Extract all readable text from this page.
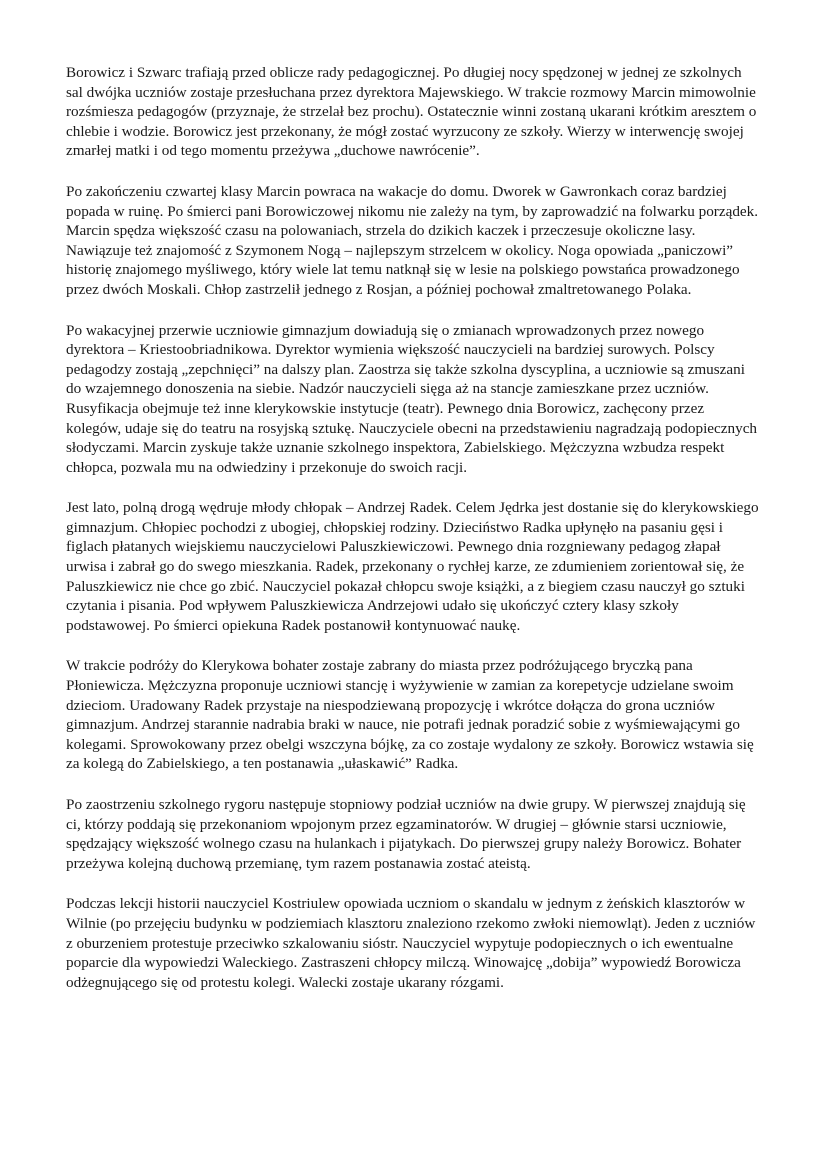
Borowicz i Szwarc trafiają przed oblicze rady pedagogicznej. Po długiej nocy spędzonej w jednej ze szkolnych sal dwójka uczniów zostaje przesłuchana przez dyrektora Majewskiego. W trakcie rozmowy Marcin mimowolnie rozśmiesza pedagogów (przyznaje, że strzelał bez prochu). Ostatecznie winni zostaną ukarani krótkim aresztem o chlebie i wodzie. Borowicz jest przekonany, że mógł zostać wyrzucony ze szkoły. Wierzy w interwencję swojej zmarłej matki i od tego momentu przeżywa „duchowe nawrócenie”.

Po zakończeniu czwartej klasy Marcin powraca na wakacje do domu. Dworek w Gawronkach coraz bardziej popada w ruinę. Po śmierci pani Borowiczowej nikomu nie zależy na tym, by zaprowadzić na folwarku porządek. Marcin spędza większość czasu na polowaniach, strzela do dzikich kaczek i przeczesuje okoliczne lasy. Nawiązuje też znajomość z Szymonem Nogą – najlepszym strzelcem w okolicy. Noga opowiada „paniczowi” historię znajomego myśliwego, który wiele lat temu natknął się w lesie na polskiego powstańca prowadzonego przez dwóch Moskali. Chłop zastrzelił jednego z Rosjan, a później pochował zmaltretowanego Polaka.

Po wakacyjnej przerwie uczniowie gimnazjum dowiadują się o zmianach wprowadzonych przez nowego dyrektora – Kriestoobriadnikowa. Dyrektor wymienia większość nauczycieli na bardziej surowych. Polscy pedagodzy zostają „zepchnięci” na dalszy plan. Zaostrza się także szkolna dyscyplina, a uczniowie są zmuszani do wzajemnego donoszenia na siebie. Nadzór nauczycieli sięga aż na stancje zamieszkane przez uczniów. Rusyfikacja obejmuje też inne klerykowskie instytucje (teatr). Pewnego dnia Borowicz, zachęcony przez kolegów, udaje się do teatru na rosyjską sztukę. Nauczyciele obecni na przedstawieniu nagradzają podopiecznych słodyczami. Marcin zyskuje także uznanie szkolnego inspektora, Zabielskiego. Mężczyzna wzbudza respekt chłopca, pozwala mu na odwiedziny i przekonuje do swoich racji.

Jest lato, polną drogą wędruje młody chłopak – Andrzej Radek. Celem Jędrka jest dostanie się do klerykowskiego gimnazjum. Chłopiec pochodzi z ubogiej, chłopskiej rodziny. Dzieciństwo Radka upłynęło na pasaniu gęsi i figlach płatanych wiejskiemu nauczycielowi Paluszkiewiczowi. Pewnego dnia rozgniewany pedagog złapał urwisa i zabrał go do swego mieszkania. Radek, przekonany o rychłej karze, ze zdumieniem zorientował się, że Paluszkiewicz nie chce go zbić. Nauczyciel pokazał chłopcu swoje książki, a z biegiem czasu nauczył go sztuki czytania i pisania. Pod wpływem Paluszkiewicza Andrzejowi udało się ukończyć cztery klasy szkoły podstawowej. Po śmierci opiekuna Radek postanowił kontynuować naukę.

W trakcie podróży do Klerykowa bohater zostaje zabrany do miasta przez podróżującego bryczką pana Płoniewicza. Mężczyzna proponuje uczniowi stancję i wyżywienie w zamian za korepetycje udzielane swoim dzieciom. Uradowany Radek przystaje na niespodziewaną propozycję i wkrótce dołącza do grona uczniów gimnazjum. Andrzej starannie nadrabia braki w nauce, nie potrafi jednak poradzić sobie z wyśmiewającymi go kolegami. Sprowokowany przez obelgi wszczyna bójkę, za co zostaje wydalony ze szkoły. Borowicz wstawia się za kolegą do Zabielskiego, a ten postanawia „ułaskawić” Radka.

Po zaostrzeniu szkolnego rygoru następuje stopniowy podział uczniów na dwie grupy. W pierwszej znajdują się ci, którzy poddają się przekonaniom wpojonym przez egzaminatorów. W drugiej – głównie starsi uczniowie, spędzający większość wolnego czasu na hulankach i pijatykach. Do pierwszej grupy należy Borowicz. Bohater przeżywa kolejną duchową przemianę, tym razem postanawia zostać ateistą.

Podczas lekcji historii nauczyciel Kostriulew opowiada uczniom o skandalu w jednym z żeńskich klasztorów w Wilnie (po przejęciu budynku w podziemiach klasztoru znaleziono rzekomo zwłoki niemowląt). Jeden z uczniów z oburzeniem protestuje przeciwko szkalowaniu sióstr. Nauczyciel wypytuje podopiecznych o ich ewentualne poparcie dla wypowiedzi Waleckiego. Zastraszeni chłopcy milczą. Winowajcę „dobija” wypowiedź Borowicza odżegnującego się od protestu kolegi. Walecki zostaje ukarany rózgami.
